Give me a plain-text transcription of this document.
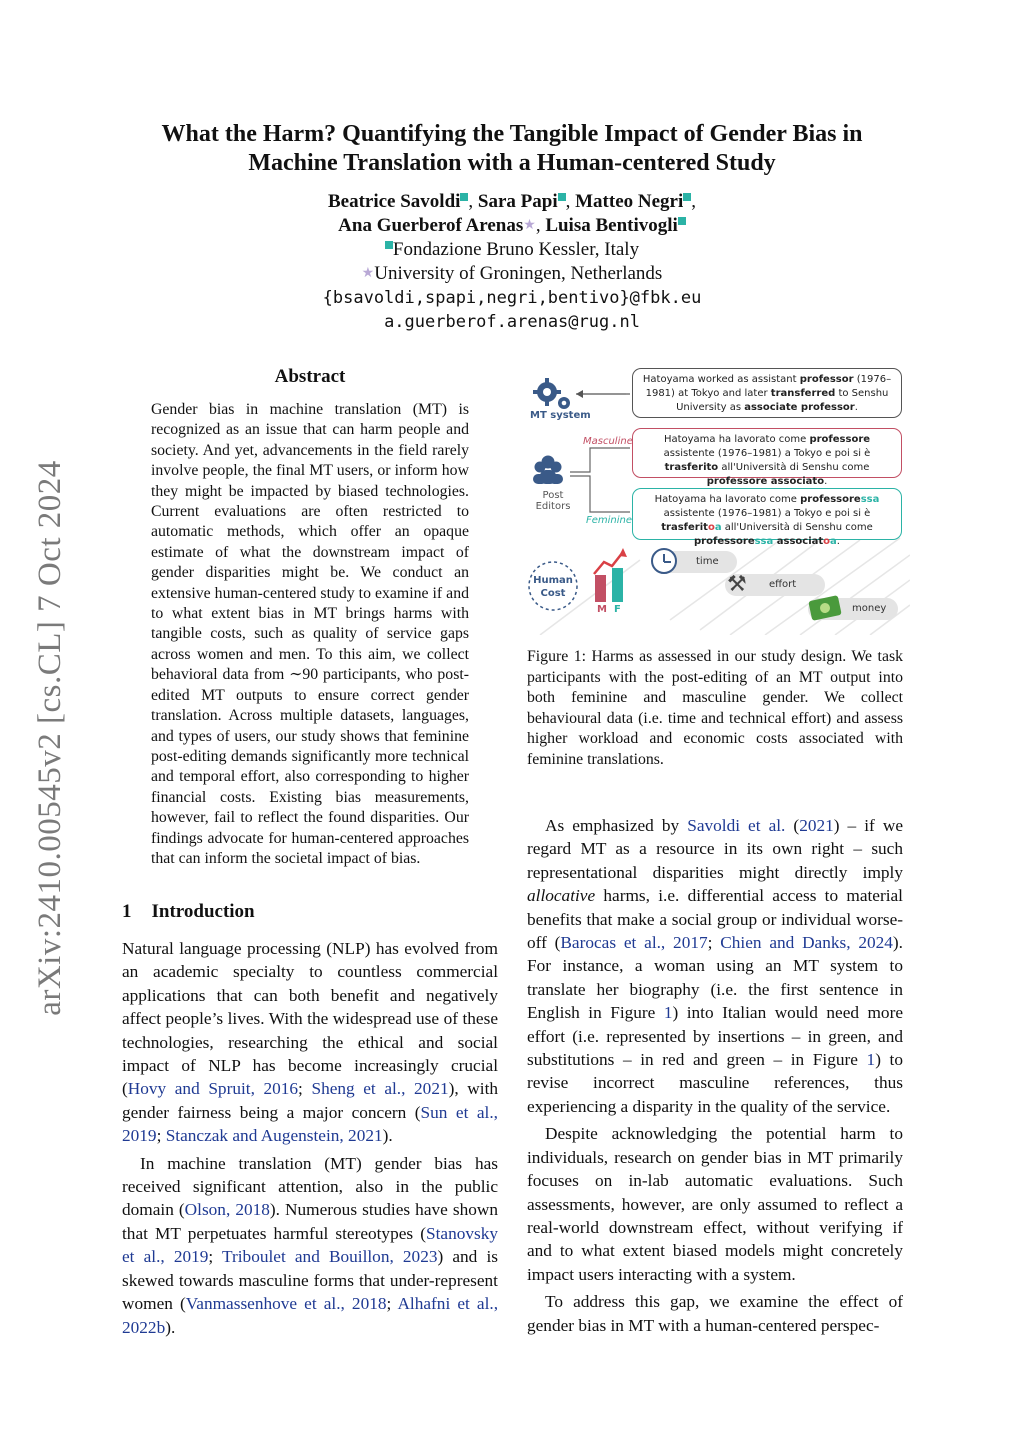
arXiv:2410.00545v2 [cs.CL] 7 Oct 2024
What the Harm? Quantifying the Tangible Impact of Gender Bias in
Machine Translation with a Human-centered Study
Beatrice Savoldi , Sara Papi , Matteo Negri ,
Ana Guerberof Arenas★, Luisa Bentivogli
Fondazione Bruno Kessler, Italy
★University of Groningen, Netherlands
{bsavoldi,spapi,negri,bentivo}@fbk.eu
a.guerberof.arenas@rug.nl
Abstract
Gender bias in machine translation (MT) is recognized as an issue that can harm people and society. And yet, advancements in the field rarely involve people, the final MT users, or inform how they might be impacted by biased technologies. Current evaluations are often restricted to automatic methods, which offer an opaque estimate of what the downstream impact of gender disparities might be. We conduct an extensive human-centered study to examine if and to what extent bias in MT brings harms with tangible costs, such as quality of service gaps across women and men. To this aim, we collect behavioral data from ∼90 participants, who post-edited MT outputs to ensure correct gender translation. Across multiple datasets, languages, and types of users, our study shows that feminine post-editing demands significantly more technical and temporal effort, also corresponding to higher financial costs. Existing bias measurements, however, fail to reflect the found disparities. Our findings advocate for human-centered approaches that can inform the societal impact of bias.
1 Introduction

Natural language processing (NLP) has evolved from an academic specialty to countless commercial applications that can both benefit and negatively affect people’s lives. With the widespread use of these technologies, researching the ethical and social impact of NLP has become increasingly crucial (Hovy and Spruit, 2016; Sheng et al., 2021), with gender fairness being a major concern (Sun et al., 2019; Stanczak and Augenstein, 2021).

In machine translation (MT) gender bias has received significant attention, also in the public domain (Olson, 2018). Numerous studies have shown that MT perpetuates harmful stereotypes (Stanovsky et al., 2019; Triboulet and Bouillon, 2023) and is skewed towards masculine forms that under-represent women (Vanmassenhove et al., 2018; Alhafni et al., 2022b).

MT system
Post Editors
Masculine
Feminine
Human
Cost
M F
Hatoyama worked as assistant professor (1976–1981) at Tokyo and later transferred to Senshu University as associate professor.
Hatoyama ha lavorato come professore assistente (1976–1981) a Tokyo e poi si è trasferito all'Università di Senshu come professore associato.
Hatoyama ha lavorato come professoressa assistente (1976–1981) a Tokyo e poi si è trasferitoa all'Università di Senshu come professoressa associatoa.
time
effort
⚒
money
Figure 1: Harms as assessed in our study design. We task participants with the post-editing of an MT output into both feminine and masculine gender. We collect behavioural data (i.e. time and technical effort) and assess higher workload and economic costs associated with feminine translations.

As emphasized by Savoldi et al. (2021) – if we regard MT as a resource in its own right – such representational disparities might directly imply allocative harms, i.e. differential access to material benefits that make a social group or individual worse-off (Barocas et al., 2017; Chien and Danks, 2024). For instance, a woman using an MT system to translate her biography (i.e. the first sentence in English in Figure 1) into Italian would need more effort (i.e. represented by insertions – in green, and substitutions – in red and green – in Figure 1) to revise incorrect masculine references, thus experiencing a disparity in the quality of the service.

Despite acknowledging the potential harm to individuals, research on gender bias in MT primarily focuses on in-lab automatic evaluations. Such assessments, however, are only assumed to reflect a real-world downstream effect, without verifying if and to what extent biased models might concretely impact users interacting with a system.

To address this gap, we examine the effect of gender bias in MT with a human-centered perspec-
